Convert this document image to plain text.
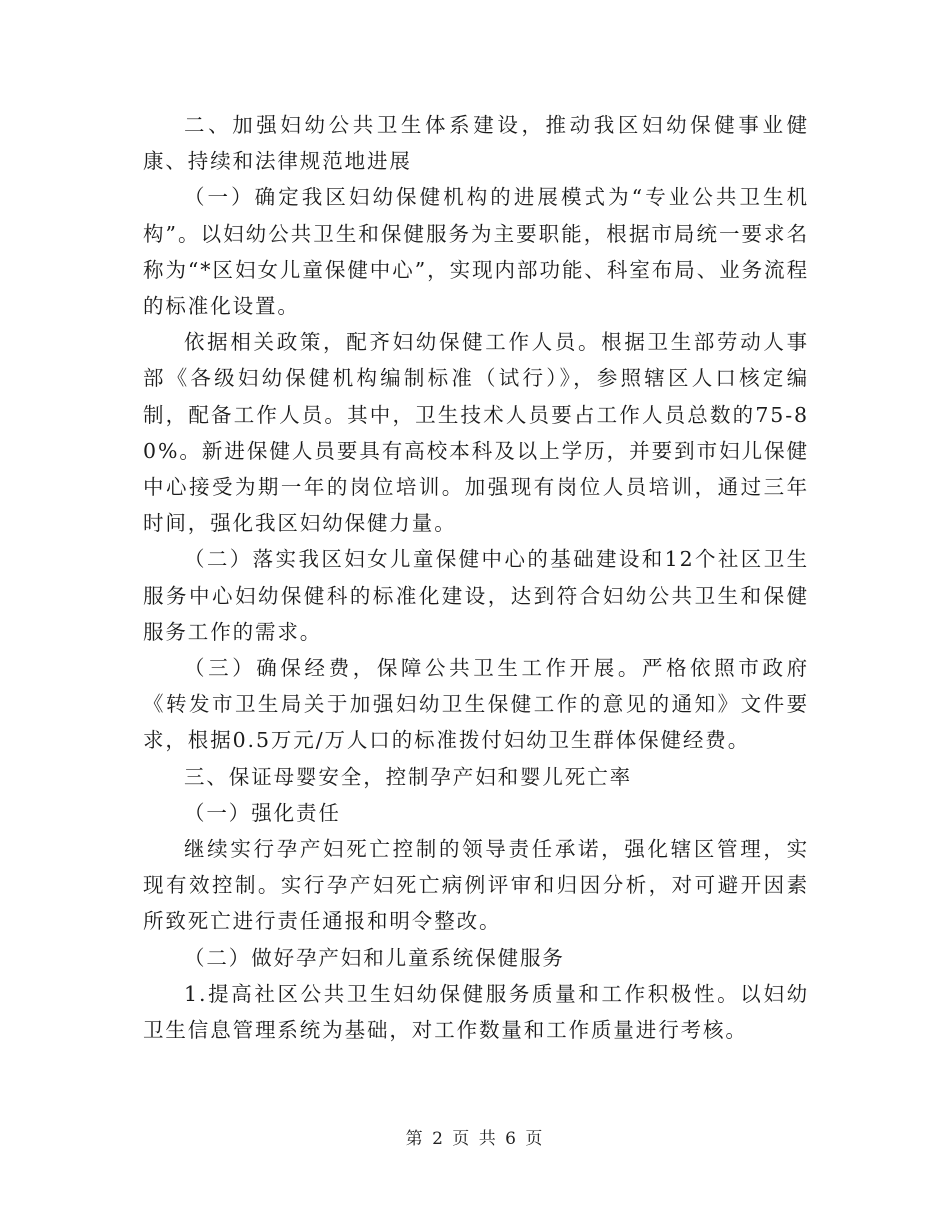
二、加强妇幼公共卫生体系建设，推动我区妇幼保健事业健康、持续和法律规范地进展

（一）确定我区妇幼保健机构的进展模式为“专业公共卫生机构”。以妇幼公共卫生和保健服务为主要职能，根据市局统一要求名称为“*区妇女儿童保健中心”，实现内部功能、科室布局、业务流程的标准化设置。

依据相关政策，配齐妇幼保健工作人员。根据卫生部劳动人事部《各级妇幼保健机构编制标准（试行）》，参照辖区人口核定编制，配备工作人员。其中，卫生技术人员要占工作人员总数的75-80%。新进保健人员要具有高校本科及以上学历，并要到市妇儿保健中心接受为期一年的岗位培训。加强现有岗位人员培训，通过三年时间，强化我区妇幼保健力量。

（二）落实我区妇女儿童保健中心的基础建设和12个社区卫生服务中心妇幼保健科的标准化建设，达到符合妇幼公共卫生和保健服务工作的需求。

（三）确保经费，保障公共卫生工作开展。严格依照市政府《转发市卫生局关于加强妇幼卫生保健工作的意见的通知》文件要求，根据0.5万元/万人口的标准拨付妇幼卫生群体保健经费。

三、保证母婴安全，控制孕产妇和婴儿死亡率

（一）强化责任

继续实行孕产妇死亡控制的领导责任承诺，强化辖区管理，实现有效控制。实行孕产妇死亡病例评审和归因分析，对可避开因素所致死亡进行责任通报和明令整改。

（二）做好孕产妇和儿童系统保健服务

1.提高社区公共卫生妇幼保健服务质量和工作积极性。以妇幼卫生信息管理系统为基础，对工作数量和工作质量进行考核。

第 2 页 共 6 页
